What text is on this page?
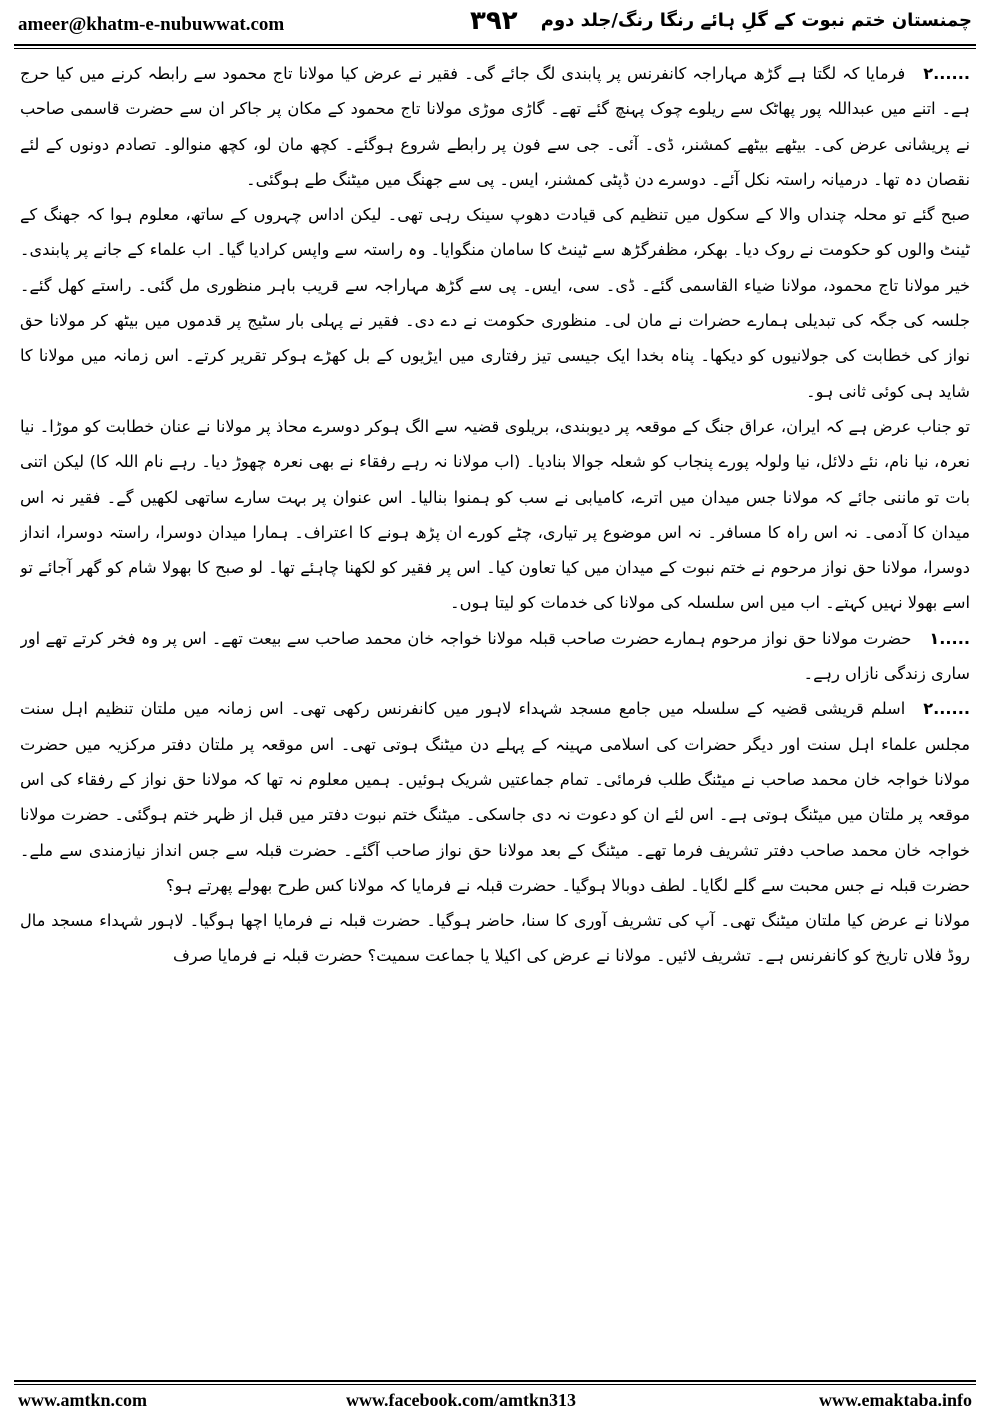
ameer@khatm-e-nubuwwat.com	۳۹۲ چمنستان ختم نبوت کے گلِ ہائے رنگا رنگ/جلد دوم

۲......فرمایا کہ لگتا ہے گڑھ مہاراجہ کانفرنس پر پابندی لگ جائے گی۔ فقیر نے عرض کیا مولانا تاج محمود سے رابطہ کرنے میں کیا حرج ہے۔ اتنے میں عبداللہ پور پھاٹک سے ریلوے چوک پہنچ گئے تھے۔ گاڑی موڑی مولانا تاج محمود کے مکان پر جاکر ان سے حضرت قاسمی صاحب نے پریشانی عرض کی۔ بیٹھے بیٹھے کمشنر، ڈی۔ آئی۔ جی سے فون پر رابطے شروع ہوگئے۔ کچھ مان لو، کچھ منوالو۔ تصادم دونوں کے لئے نقصان دہ تھا۔ درمیانہ راستہ نکل آئے۔ دوسرے دن ڈپٹی کمشنر، ایس۔ پی سے جھنگ میں میٹنگ طے ہوگئی۔

صبح گئے تو محلہ چنداں والا کے سکول میں تنظیم کی قیادت دھوپ سینک رہی تھی۔ لیکن اداس چہروں کے ساتھ، معلوم ہوا کہ جھنگ کے ٹینٹ والوں کو حکومت نے روک دیا۔ بھکر، مظفرگڑھ سے ٹینٹ کا سامان منگوایا۔ وہ راستہ سے واپس کرادیا گیا۔ اب علماء کے جانے پر پابندی۔ خیر مولانا تاج محمود، مولانا ضیاء القاسمی گئے۔ ڈی۔ سی، ایس۔ پی سے گڑھ مہاراجہ سے قریب باہر منظوری مل گئی۔ راستے کھل گئے۔ جلسہ کی جگہ کی تبدیلی ہمارے حضرات نے مان لی۔ منظوری حکومت نے دے دی۔ فقیر نے پہلی بار سٹیج پر قدموں میں بیٹھ کر مولانا حق نواز کی خطابت کی جولانیوں کو دیکھا۔ پناہ بخدا ایک جیسی تیز رفتاری میں ایڑیوں کے بل کھڑے ہوکر تقریر کرتے۔ اس زمانہ میں مولانا کا شاید ہی کوئی ثانی ہو۔

تو جناب عرض ہے کہ ایران، عراق جنگ کے موقعہ پر دیوبندی، بریلوی قضیہ سے الگ ہوکر دوسرے محاذ پر مولانا نے عنان خطابت کو موڑا۔ نیا نعرہ، نیا نام، نئے دلائل، نیا ولولہ پورے پنجاب کو شعلہ جوالا بنادیا۔ (اب مولانا نہ رہے رفقاء نے بھی نعرہ چھوڑ دیا۔ رہے نام اللہ کا) لیکن اتنی بات تو ماننی جائے کہ مولانا جس میدان میں اترے، کامیابی نے سب کو ہمنوا بنالیا۔ اس عنوان پر بہت سارے ساتھی لکھیں گے۔ فقیر نہ اس میدان کا آدمی۔ نہ اس راہ کا مسافر۔ نہ اس موضوع پر تیاری، چٹے کورے ان پڑھ ہونے کا اعتراف۔ ہمارا میدان دوسرا، راستہ دوسرا، انداز دوسرا، مولانا حق نواز مرحوم نے ختم نبوت کے میدان میں کیا تعاون کیا۔ اس پر فقیر کو لکھنا چاہئے تھا۔ لو صبح کا بھولا شام کو گھر آجائے تو اسے بھولا نہیں کہتے۔ اب میں اس سلسلہ کی مولانا کی خدمات کو لیتا ہوں۔

۱.....حضرت مولانا حق نواز مرحوم ہمارے حضرت صاحب قبلہ مولانا خواجہ خان محمد صاحب سے بیعت تھے۔ اس پر وہ فخر کرتے تھے اور ساری زندگی نازاں رہے۔

۲......اسلم قریشی قضیہ کے سلسلہ میں جامع مسجد شہداء لاہور میں کانفرنس رکھی تھی۔ اس زمانہ میں ملتان تنظیم اہل سنت مجلس علماء اہل سنت اور دیگر حضرات کی اسلامی مہینہ کے پہلے دن میٹنگ ہوتی تھی۔ اس موقعہ پر ملتان دفتر مرکزیہ میں حضرت مولانا خواجہ خان محمد صاحب نے میٹنگ طلب فرمائی۔ تمام جماعتیں شریک ہوئیں۔ ہمیں معلوم نہ تھا کہ مولانا حق نواز کے رفقاء کی اس موقعہ پر ملتان میں میٹنگ ہوتی ہے۔ اس لئے ان کو دعوت نہ دی جاسکی۔ میٹنگ ختم نبوت دفتر میں قبل از ظہر ختم ہوگئی۔ حضرت مولانا خواجہ خان محمد صاحب دفتر تشریف فرما تھے۔ میٹنگ کے بعد مولانا حق نواز صاحب آگئے۔ حضرت قبلہ سے جس انداز نیازمندی سے ملے۔ حضرت قبلہ نے جس محبت سے گلے لگایا۔ لطف دوبالا ہوگیا۔ حضرت قبلہ نے فرمایا کہ مولانا کس طرح بھولے پھرتے ہو؟

مولانا نے عرض کیا ملتان میٹنگ تھی۔ آپ کی تشریف آوری کا سنا، حاضر ہوگیا۔ حضرت قبلہ نے فرمایا اچھا ہوگیا۔ لاہور شہداء مسجد مال روڈ فلاں تاریخ کو کانفرنس ہے۔ تشریف لائیں۔ مولانا نے عرض کی اکیلا یا جماعت سمیت؟ حضرت قبلہ نے فرمایا صرف

www.amtkn.com	www.facebook.com/amtkn313	www.emaktaba.info
